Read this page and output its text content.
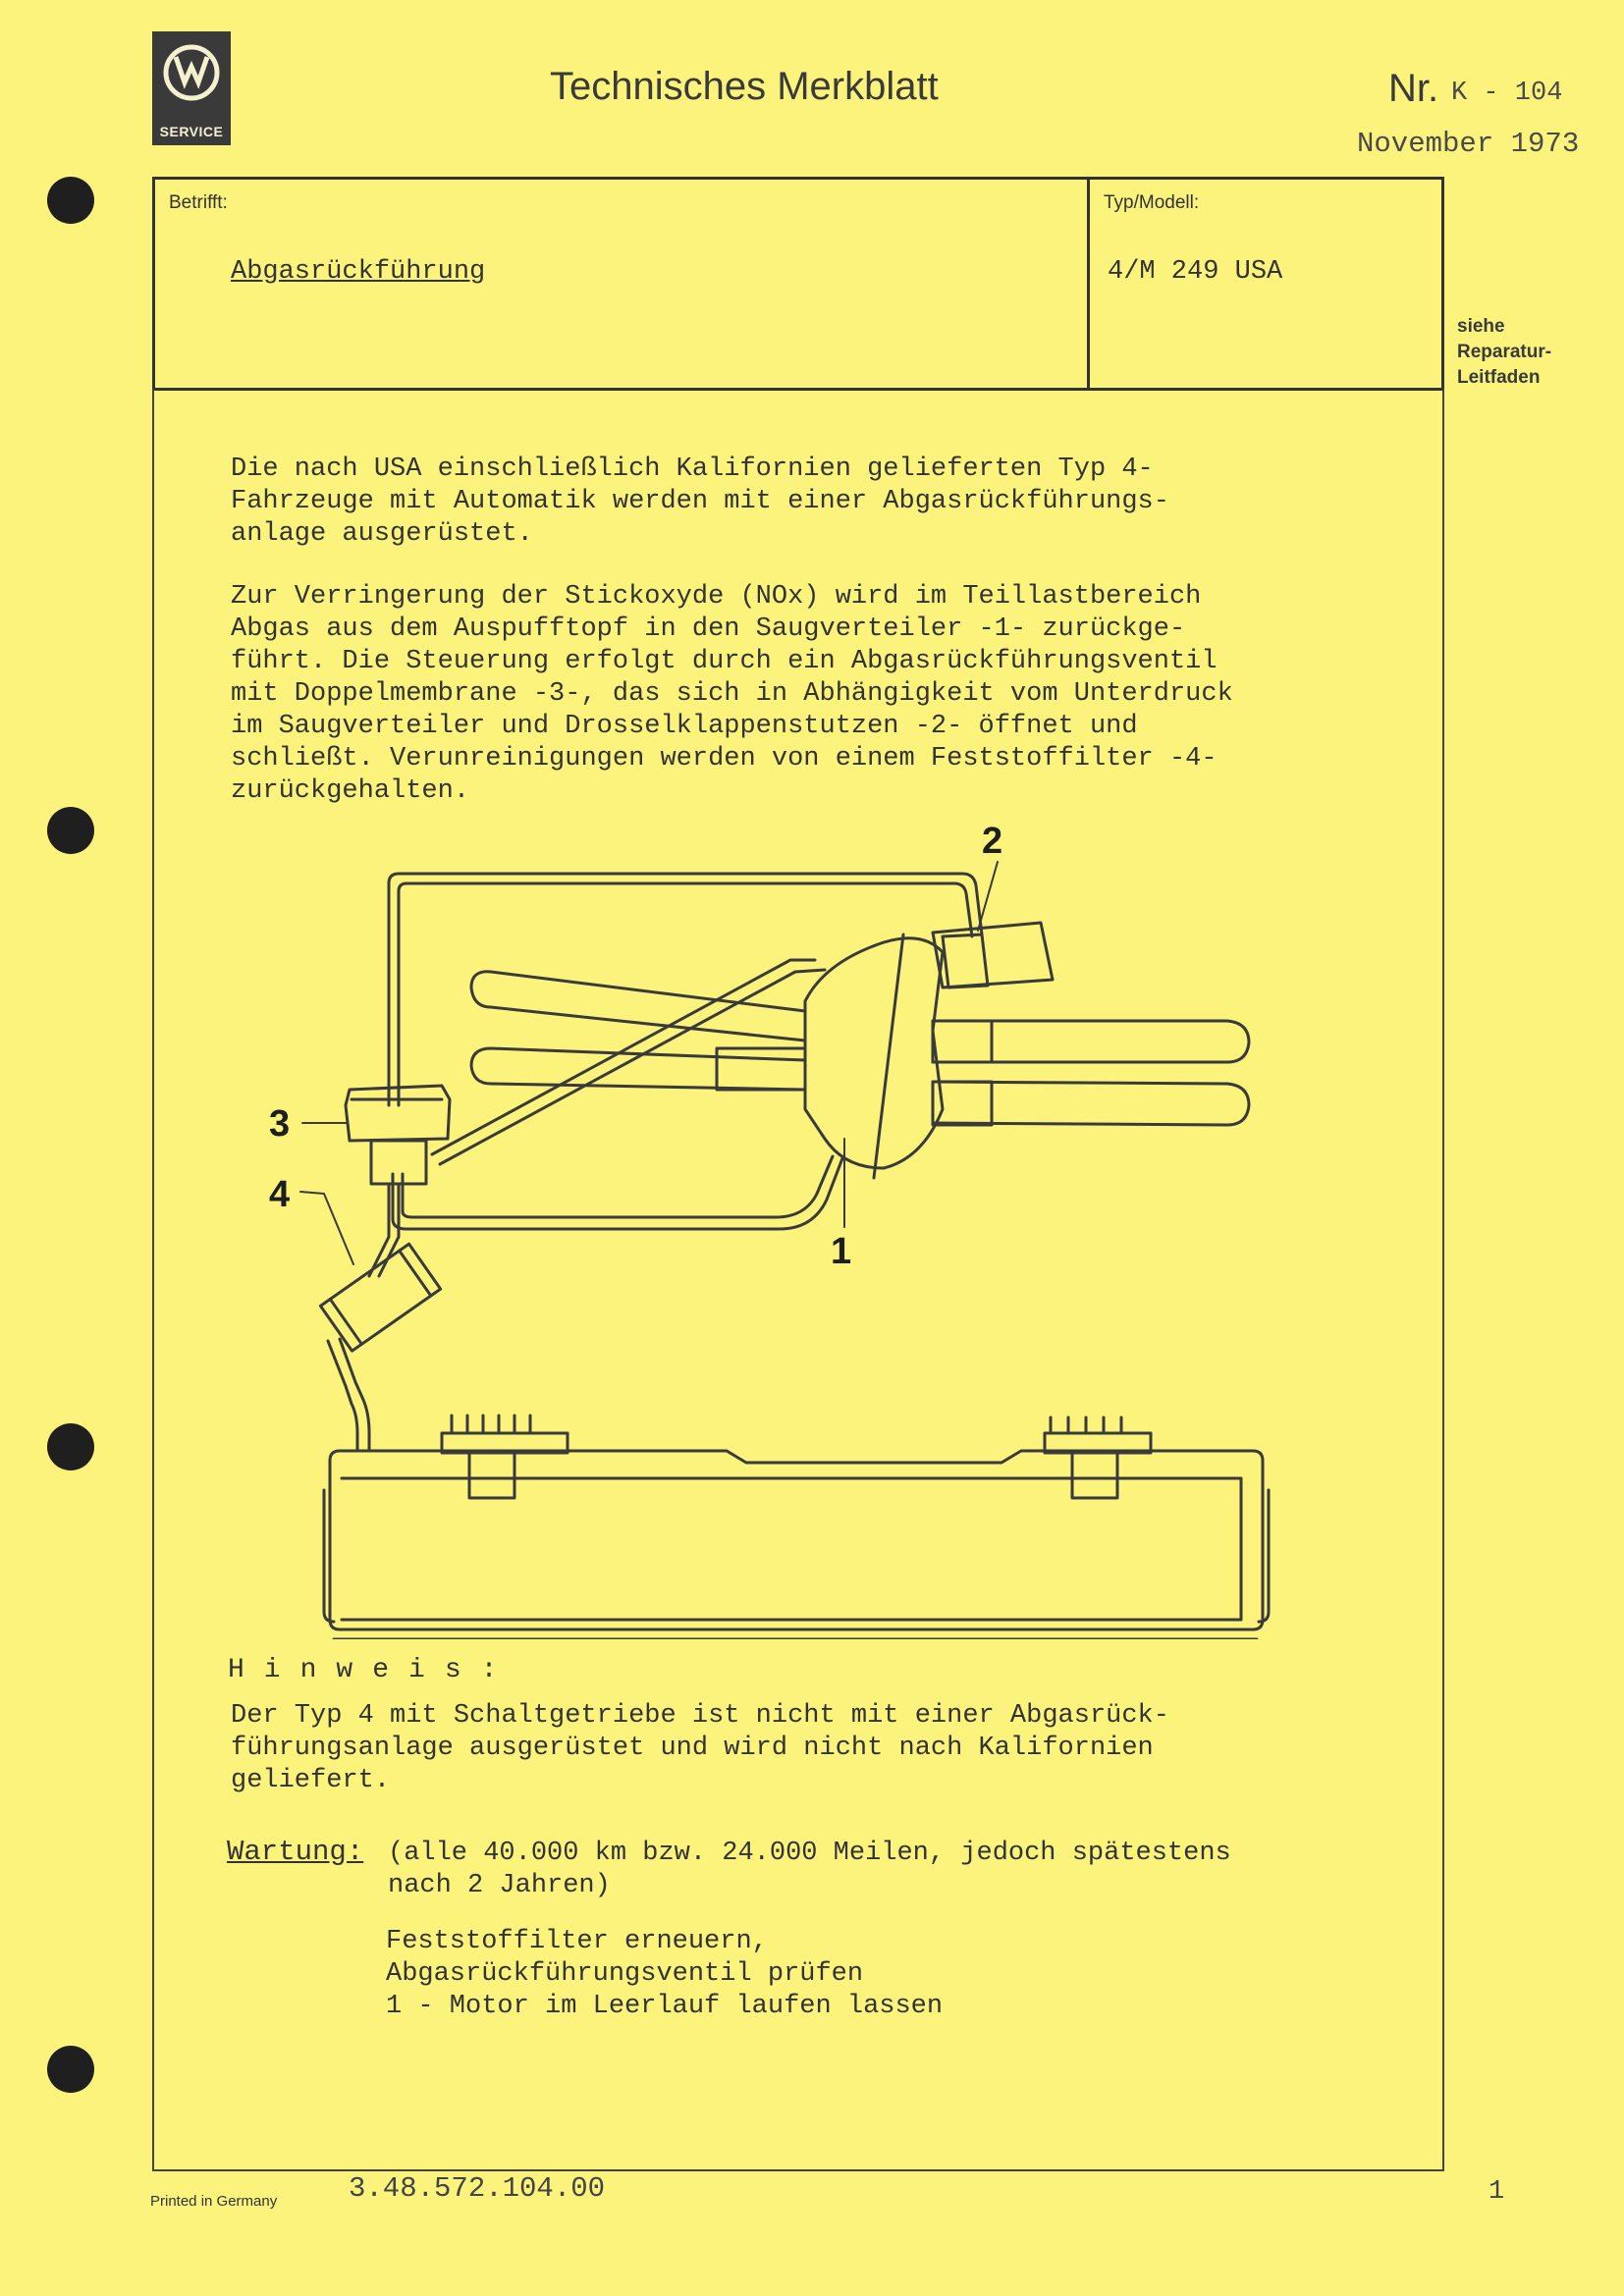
SERVICE
Technisches Merkblatt	Nr. K - 104
November 1973
Betrifft:
Abgasrückführung
Typ/Modell:
4/M 249 USA
siehe
Reparatur-
Leitfaden
Die nach USA einschließlich Kalifornien gelieferten Typ 4-
Fahrzeuge mit Automatik werden mit einer Abgasrückführungs-
anlage ausgerüstet.
Zur Verringerung der Stickoxyde (NOx) wird im Teillastbereich
Abgas aus dem Auspufftopf in den Saugverteiler -1- zurückge-
führt. Die Steuerung erfolgt durch ein Abgasrückführungsventil
mit Doppelmembrane -3-, das sich in Abhängigkeit vom Unterdruck
im Saugverteiler und Drosselklappenstutzen -2- öffnet und
schließt. Verunreinigungen werden von einem Feststoffilter -4-
zurückgehalten.
1
2
3
4
Hinweis:
Der Typ 4 mit Schaltgetriebe ist nicht mit einer Abgasrück-
führungsanlage ausgerüstet und wird nicht nach Kalifornien
geliefert.
Wartung: (alle 40.000 km bzw. 24.000 Meilen, jedoch spätestens
nach 2 Jahren)
Feststoffilter erneuern,
Abgasrückführungsventil prüfen
1 - Motor im Leerlauf laufen lassen
Printed in Germany	3.48.572.104.00	1
